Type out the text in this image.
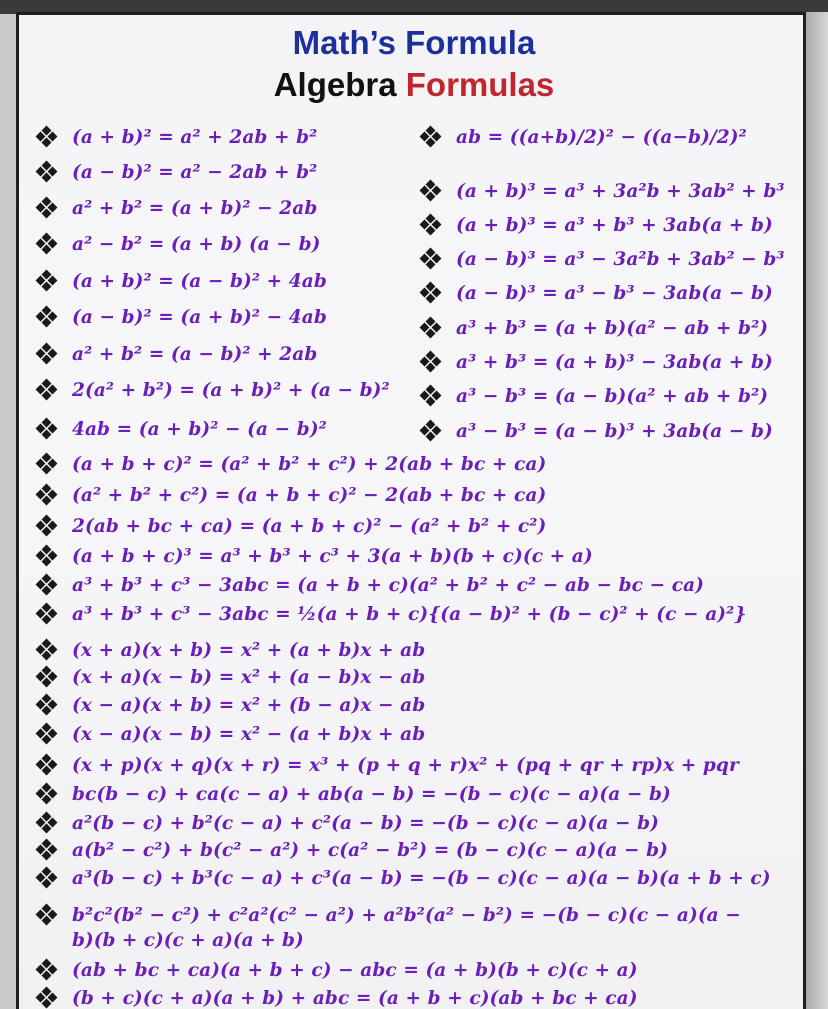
Math’s Formula
Algebra Formulas
(a + b)² = a² + 2ab + b²
(a − b)² = a² − 2ab + b²
a² + b² = (a + b)² − 2ab
a² − b² = (a + b) (a − b)
(a + b)² = (a − b)² + 4ab
(a − b)² = (a + b)² − 4ab
a² + b² = (a − b)² + 2ab
2(a² + b²) = (a + b)² + (a − b)²
4ab = (a + b)² − (a − b)²
ab = ((a+b)/2)² − ((a−b)/2)²
(a + b)³ = a³ + 3a²b + 3ab² + b³
(a + b)³ = a³ + b³ + 3ab(a + b)
(a − b)³ = a³ − 3a²b + 3ab² − b³
(a − b)³ = a³ − b³ − 3ab(a − b)
a³ + b³ = (a + b)(a² − ab + b²)
a³ + b³ = (a + b)³ − 3ab(a + b)
a³ − b³ = (a − b)(a² + ab + b²)
a³ − b³ = (a − b)³ + 3ab(a − b)
(a + b + c)² = (a² + b² + c²) + 2(ab + bc + ca)
(a² + b² + c²) = (a + b + c)² − 2(ab + bc + ca)
2(ab + bc + ca) = (a + b + c)² − (a² + b² + c²)
(a + b + c)³ = a³ + b³ + c³ + 3(a + b)(b + c)(c + a)
a³ + b³ + c³ − 3abc = (a + b + c)(a² + b² + c² − ab − bc − ca)
a³ + b³ + c³ − 3abc = ½(a + b + c){(a − b)² + (b − c)² + (c − a)²}
(x + a)(x + b) = x² + (a + b)x + ab
(x + a)(x − b) = x² + (a − b)x − ab
(x − a)(x + b) = x² + (b − a)x − ab
(x − a)(x − b) = x² − (a + b)x + ab
(x + p)(x + q)(x + r) = x³ + (p + q + r)x² + (pq + qr + rp)x + pqr
bc(b − c) + ca(c − a) + ab(a − b) = −(b − c)(c − a)(a − b)
a²(b − c) + b²(c − a) + c²(a − b) = −(b − c)(c − a)(a − b)
a(b² − c²) + b(c² − a²) + c(a² − b²) = (b − c)(c − a)(a − b)
a³(b − c) + b³(c − a) + c³(a − b) = −(b − c)(c − a)(a − b)(a + b + c)
b²c²(b² − c²) + c²a²(c² − a²) + a²b²(a² − b²) = −(b − c)(c − a)(a −
(ab + bc + ca)(a + b + c) − abc = (a + b)(b + c)(c + a)
(b + c)(c + a)(a + b) + abc = (a + b + c)(ab + bc + ca)
b)(b + c)(c + a)(a + b)
